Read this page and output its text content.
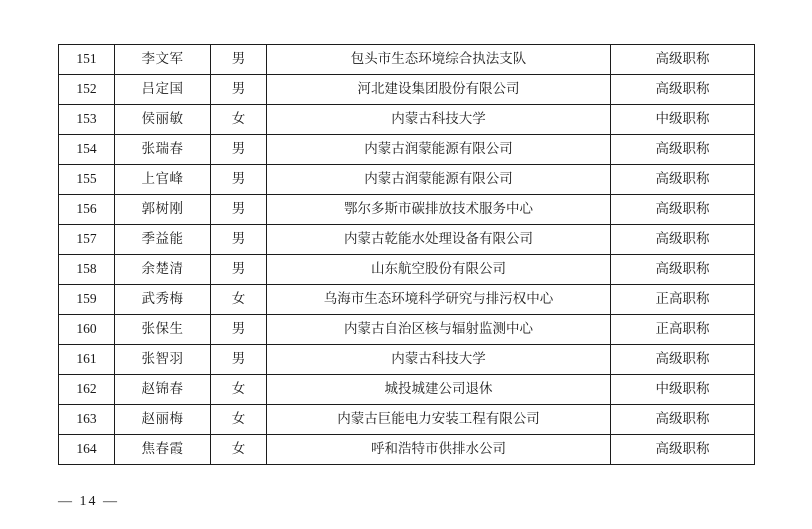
151	李文军	男	包头市生态环境综合执法支队	高级职称
152	吕定国	男	河北建设集团股份有限公司	高级职称
153	侯丽敏	女	内蒙古科技大学	中级职称
154	张瑞春	男	内蒙古润蒙能源有限公司	高级职称
155	上官峰	男	内蒙古润蒙能源有限公司	高级职称
156	郭树刚	男	鄂尔多斯市碳排放技术服务中心	高级职称
157	季益能	男	内蒙古乾能水处理设备有限公司	高级职称
158	余楚清	男	山东航空股份有限公司	高级职称
159	武秀梅	女	乌海市生态环境科学研究与排污权中心	正高职称
160	张保生	男	内蒙古自治区核与辐射监测中心	正高职称
161	张智羽	男	内蒙古科技大学	高级职称
162	赵锦春	女	城投城建公司退休	中级职称
163	赵丽梅	女	内蒙古巨能电力安装工程有限公司	高级职称
164	焦春霞	女	呼和浩特市供排水公司	高级职称
— 14 —
